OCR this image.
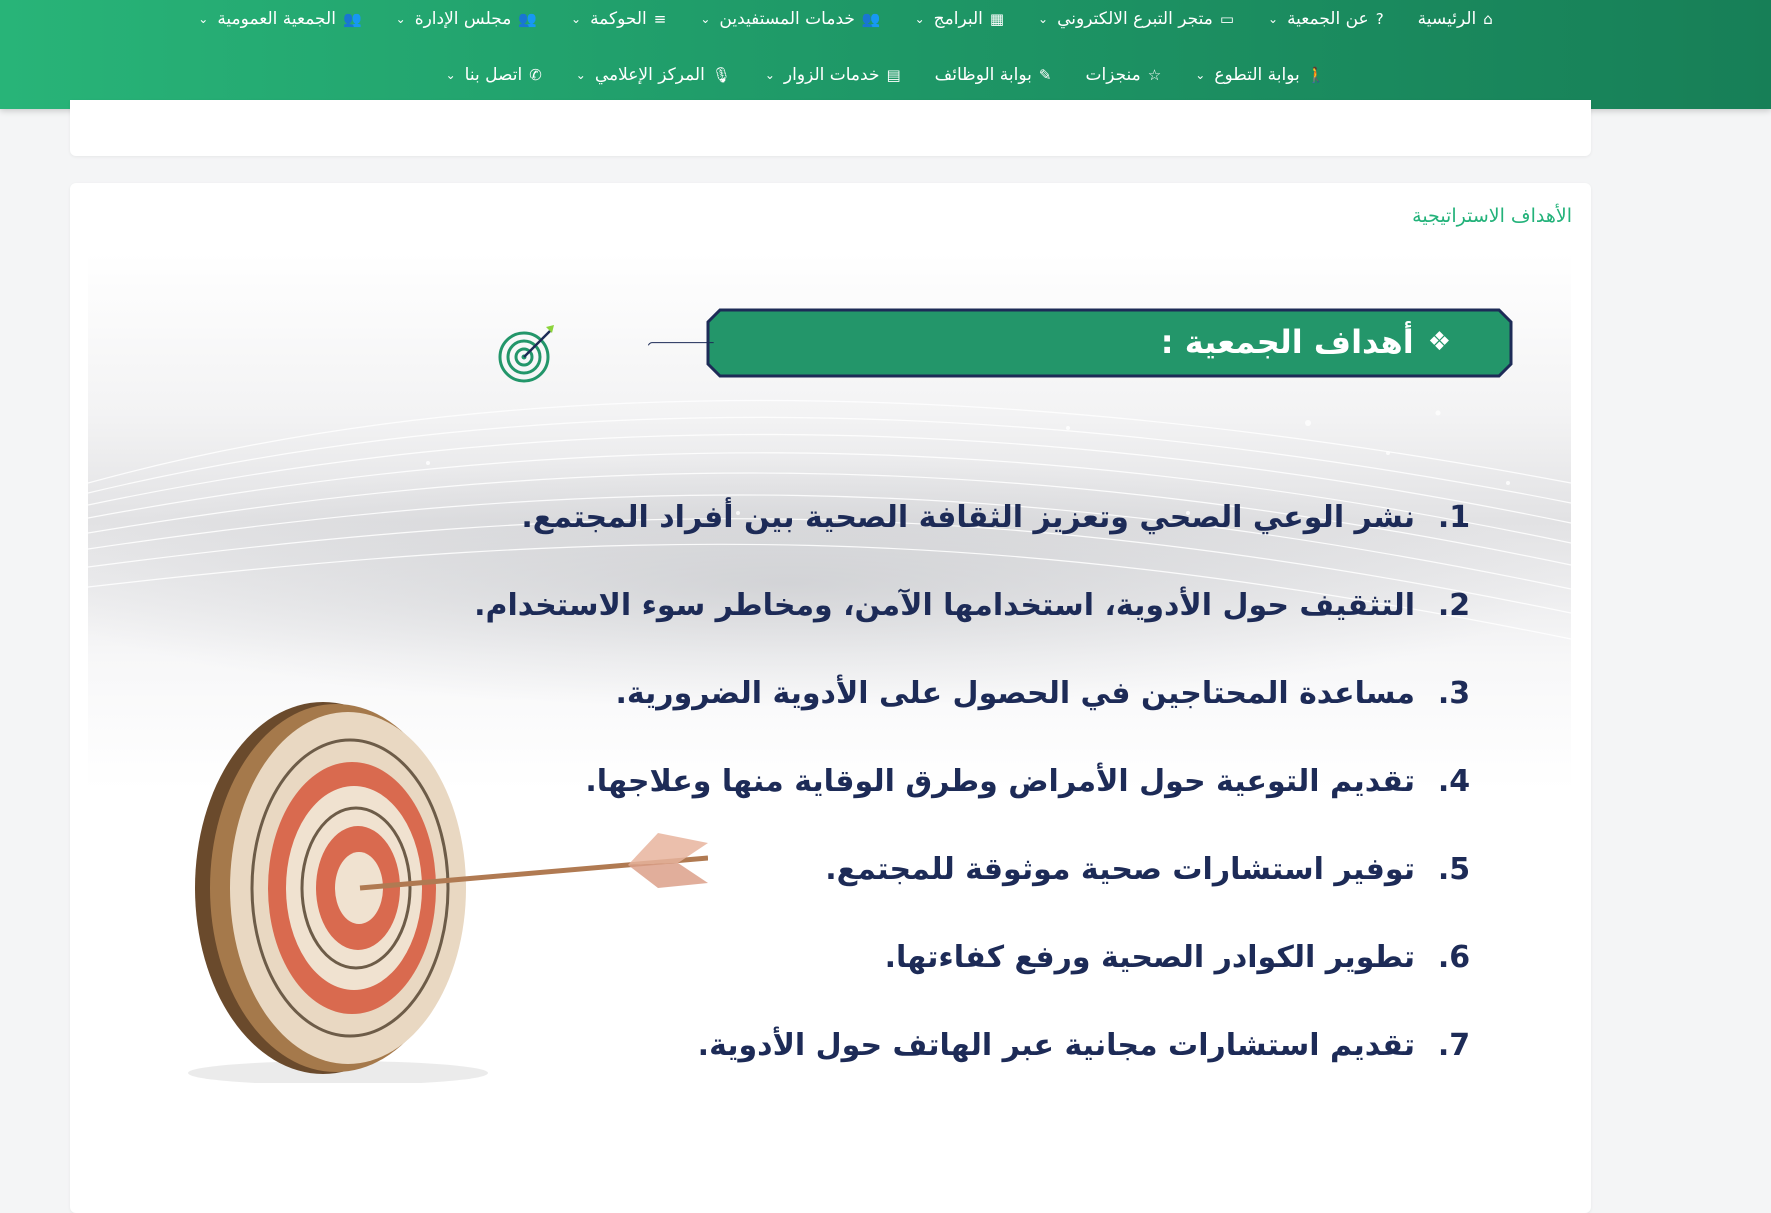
⌂
الرئيسية
?
عن الجمعية
⌄
▭
متجر التبرع الالكتروني
⌄
▦
البرامج
⌄
👥
خدمات المستفيدين
⌄
≡
الحوكمة
⌄
👥
مجلس الإدارة
⌄
👥
الجمعية العمومية
⌄
🚶
بوابة التطوع
⌄
☆
منجزات
✎
بوابة الوظائف
▤
خدمات الزوار
⌄
🎙
المركز الإعلامي
⌄
✆
اتصل بنا
⌄
الأهداف الاستراتيجية
❖
أهداف الجمعية :
1.
نشر الوعي الصحي وتعزيز الثقافة الصحية بين أفراد المجتمع.
2.
التثقيف حول الأدوية، استخدامها الآمن، ومخاطر سوء الاستخدام.
3.
مساعدة المحتاجين في الحصول على الأدوية الضرورية.
4.
تقديم التوعية حول الأمراض وطرق الوقاية منها وعلاجها.
5.
توفير استشارات صحية موثوقة للمجتمع.
6.
تطوير الكوادر الصحية ورفع كفاءتها.
7.
تقديم استشارات مجانية عبر الهاتف حول الأدوية.
